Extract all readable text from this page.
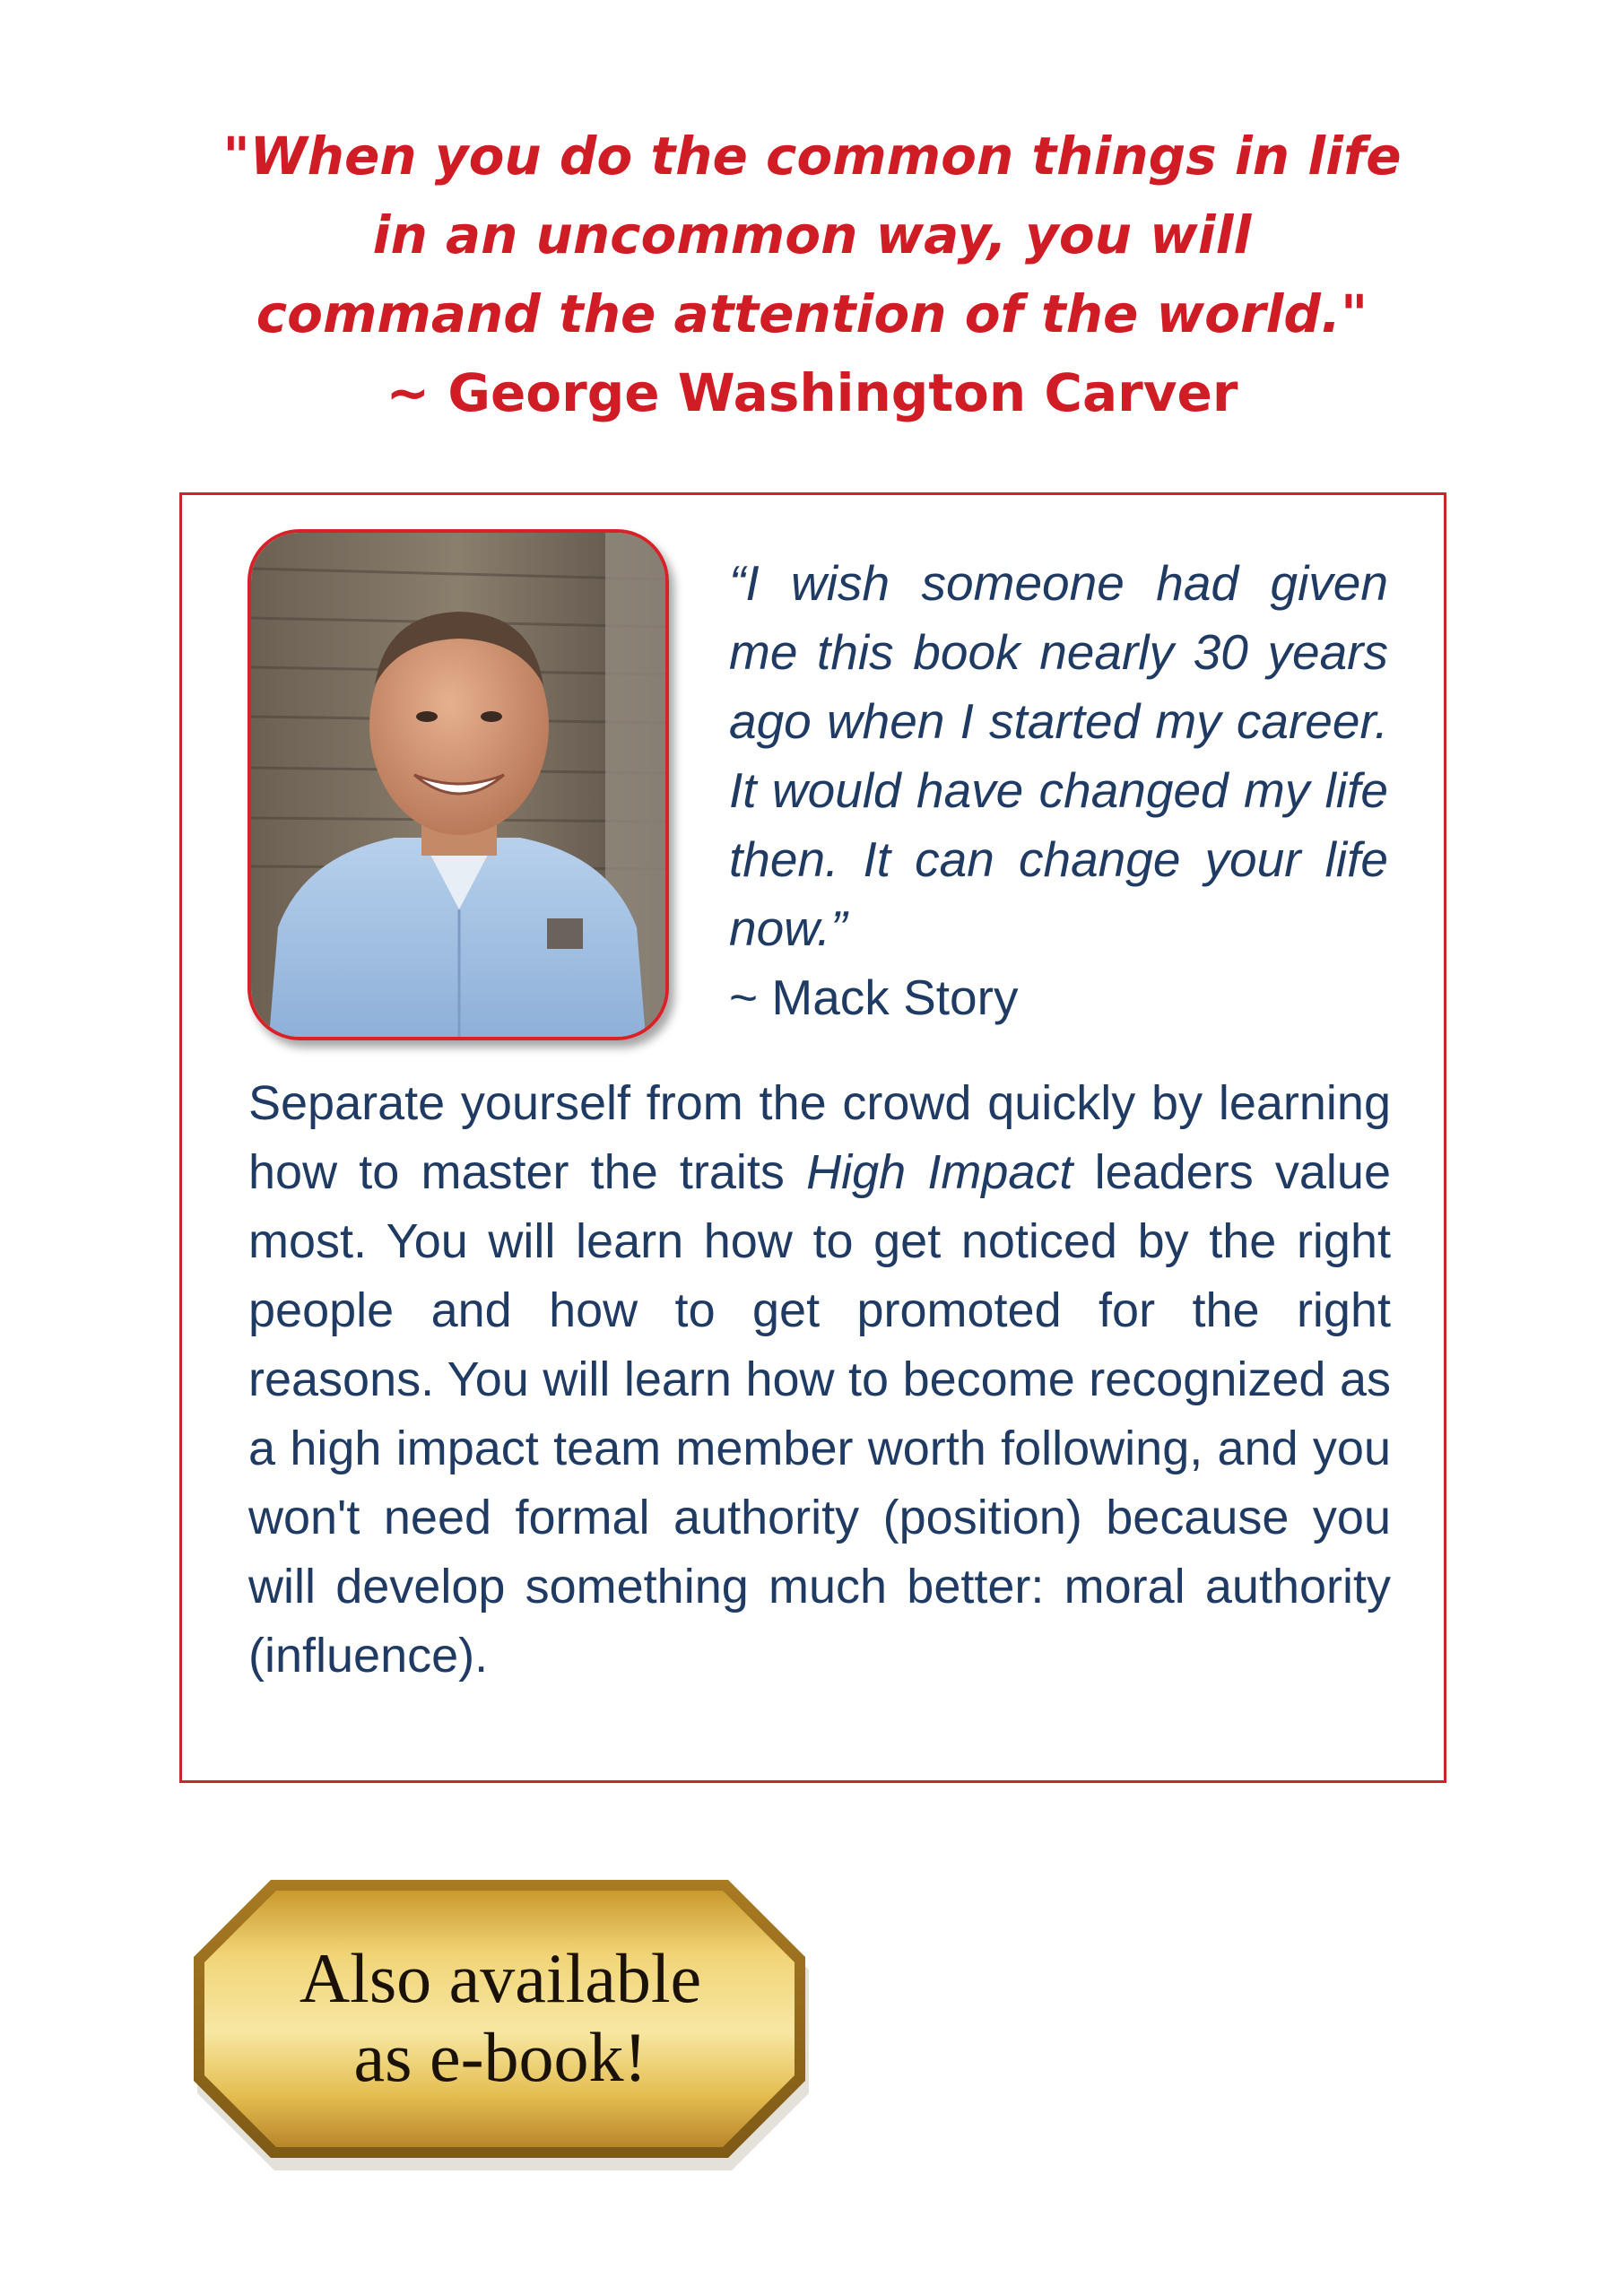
"When you do the common things in life
in an uncommon way, you will
command the attention of the world."
~ George Washington Carver

“I wish someone had given me this book nearly 30 years ago when I started my career. It would have changed my life then. It can change your life now.”

~ Mack Story

Separate yourself from the crowd quickly by learning how to master the traits High Impact leaders value most. You will learn how to get noticed by the right people and how to get promoted for the right reasons. You will learn how to become recognized as a high impact team member worth following, and you won't need formal authority (position) because you will develop something much better: moral authority (influence).

Also available
as e-book!
